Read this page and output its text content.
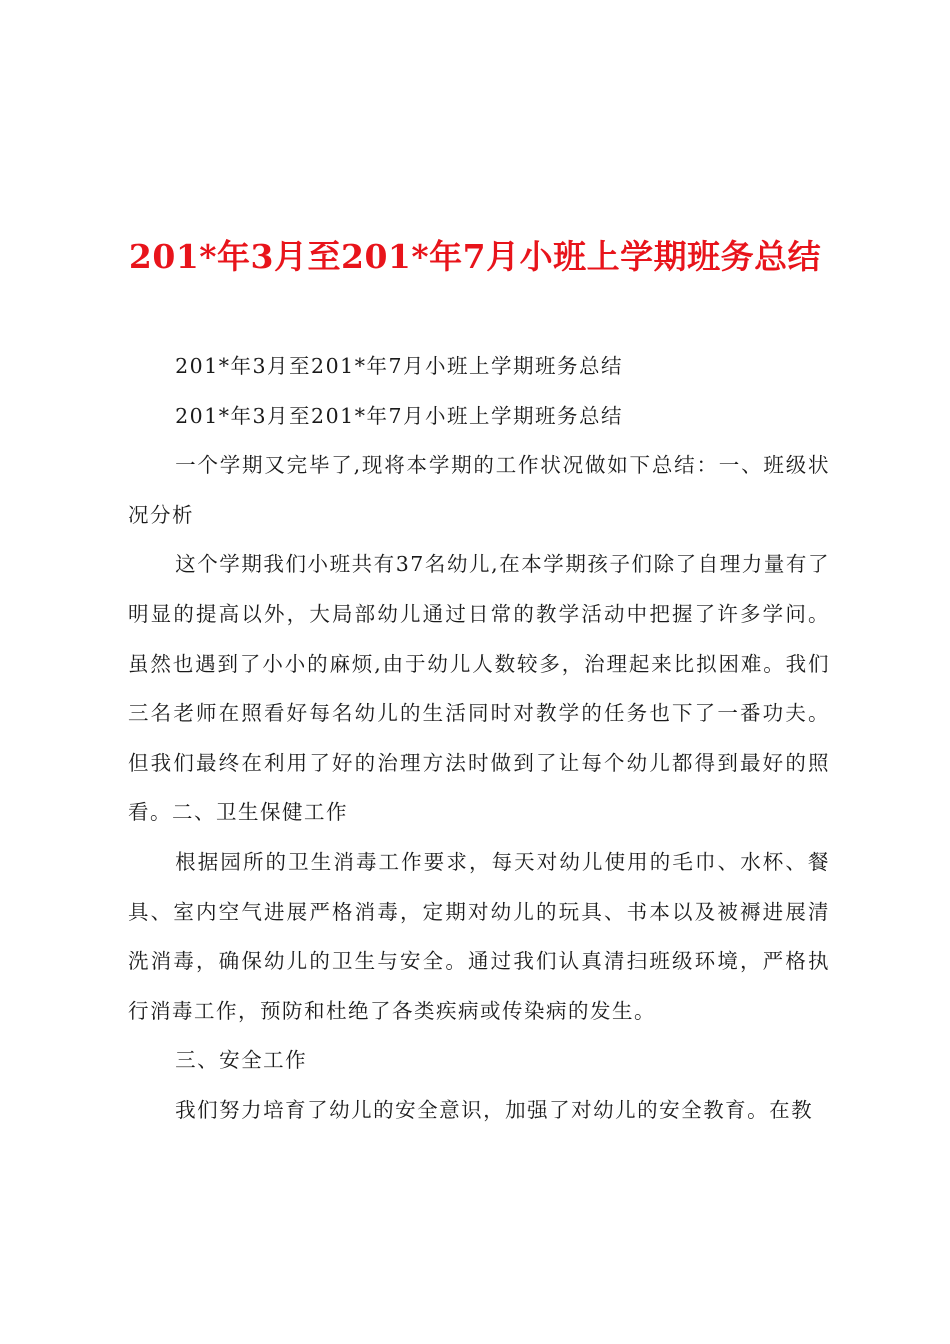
201*年3月至201*年7月小班上学期班务总结

201*年3月至201*年7月小班上学期班务总结

201*年3月至201*年7月小班上学期班务总结

一个学期又完毕了,现将本学期的工作状况做如下总结：一、班级状况分析

这个学期我们小班共有37名幼儿,在本学期孩子们除了自理力量有了明显的提高以外，大局部幼儿通过日常的教学活动中把握了许多学问。虽然也遇到了小小的麻烦,由于幼儿人数较多，治理起来比拟困难。我们三名老师在照看好每名幼儿的生活同时对教学的任务也下了一番功夫。但我们最终在利用了好的治理方法时做到了让每个幼儿都得到最好的照看。二、卫生保健工作

根据园所的卫生消毒工作要求，每天对幼儿使用的毛巾、水杯、餐具、室内空气进展严格消毒，定期对幼儿的玩具、书本以及被褥进展清洗消毒，确保幼儿的卫生与安全。通过我们认真清扫班级环境，严格执行消毒工作，预防和杜绝了各类疾病或传染病的发生。

三、安全工作

我们努力培育了幼儿的安全意识，加强了对幼儿的安全教育。在教
